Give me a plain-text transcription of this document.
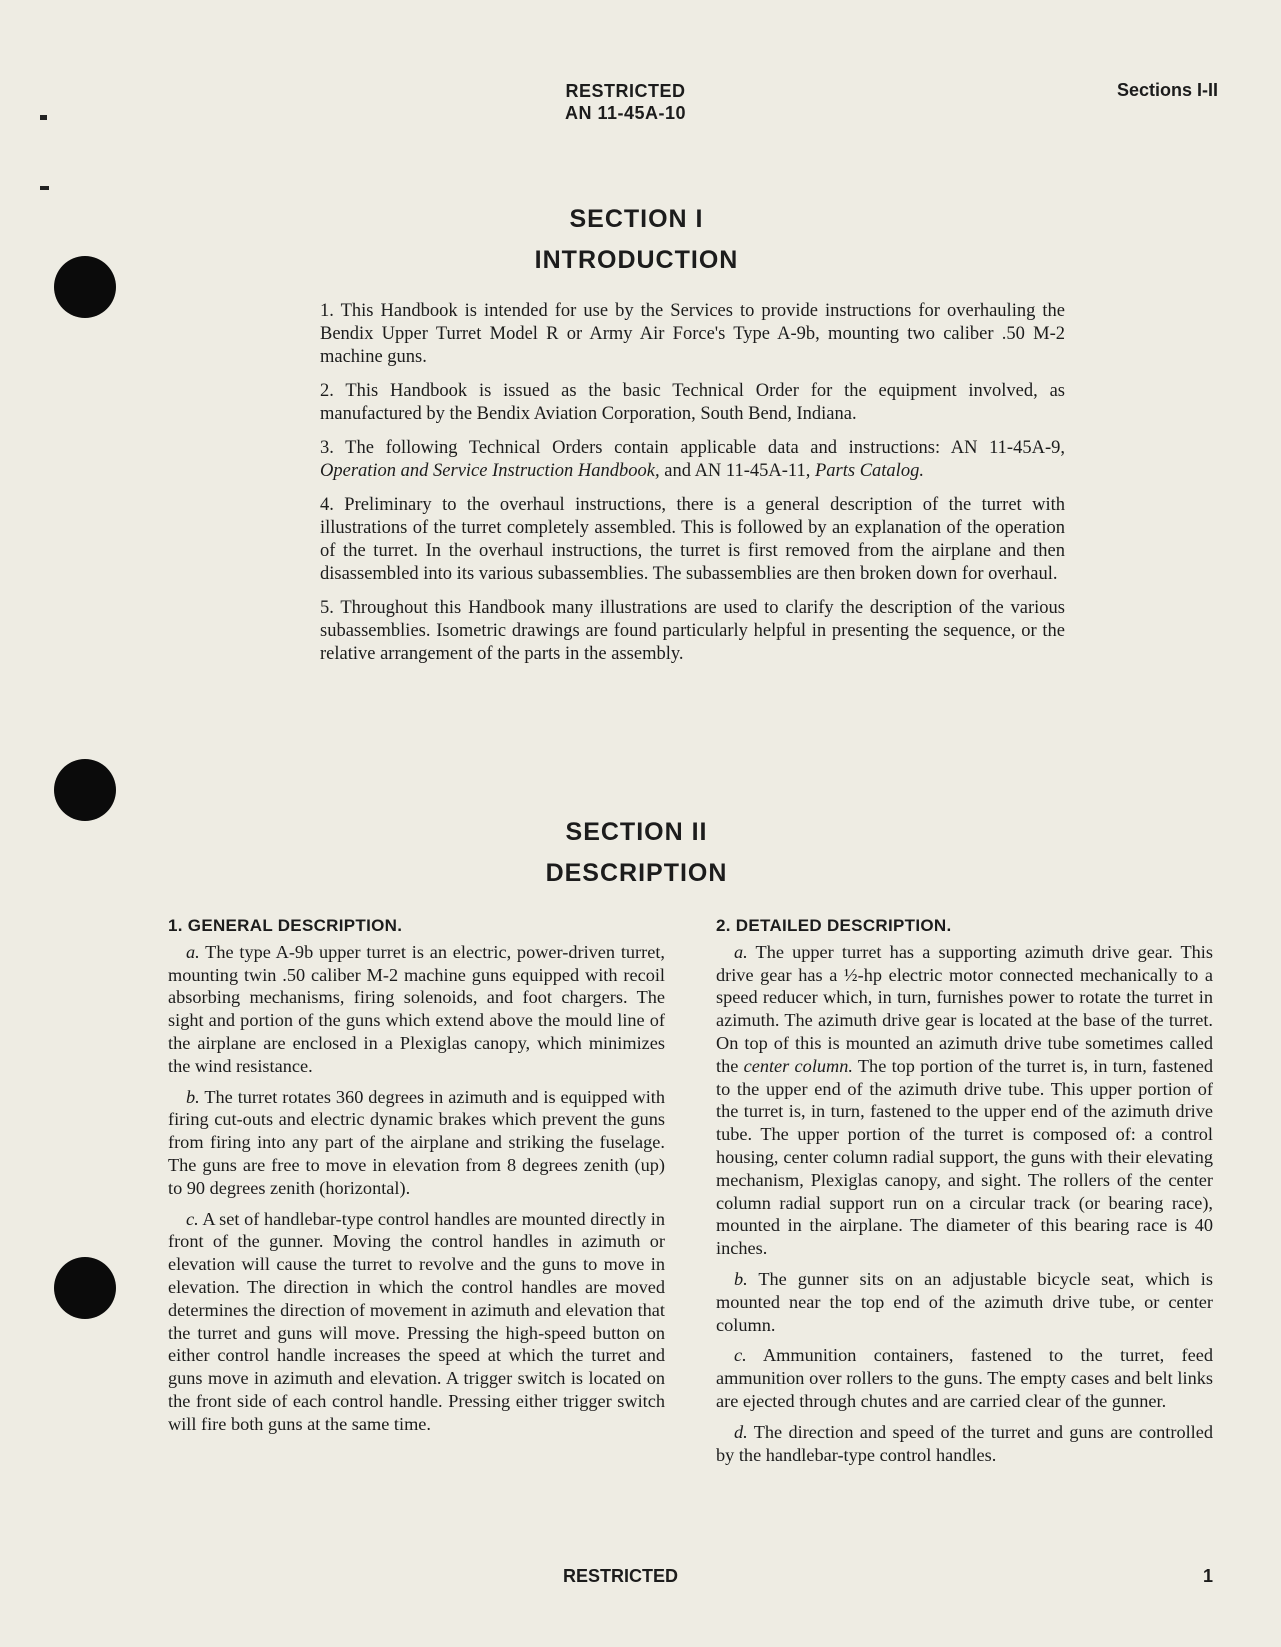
RESTRICTED
AN 11-45A-10
Sections I-II
SECTION I
INTRODUCTION

1. This Handbook is intended for use by the Services to provide instructions for overhauling the Bendix Upper Turret Model R or Army Air Force's Type A-9b, mounting two caliber .50 M-2 machine guns.

2. This Handbook is issued as the basic Technical Order for the equipment involved, as manufactured by the Bendix Aviation Corporation, South Bend, Indiana.

3. The following Technical Orders contain applicable data and instructions: AN 11-45A-9, Operation and Service Instruction Handbook, and AN 11-45A-11, Parts Catalog.

4. Preliminary to the overhaul instructions, there is a general description of the turret with illustrations of the turret completely assembled. This is followed by an explanation of the operation of the turret. In the overhaul instructions, the turret is first removed from the airplane and then disassembled into its various subassemblies. The subassemblies are then broken down for overhaul.

5. Throughout this Handbook many illustrations are used to clarify the description of the various subassemblies. Isometric drawings are found particularly helpful in presenting the sequence, or the relative arrangement of the parts in the assembly.

SECTION II
DESCRIPTION
1. GENERAL DESCRIPTION.

a. The type A-9b upper turret is an electric, power-driven turret, mounting twin .50 caliber M-2 machine guns equipped with recoil absorbing mechanisms, firing solenoids, and foot chargers. The sight and portion of the guns which extend above the mould line of the airplane are enclosed in a Plexiglas canopy, which minimizes the wind resistance.

b. The turret rotates 360 degrees in azimuth and is equipped with firing cut-outs and electric dynamic brakes which prevent the guns from firing into any part of the airplane and striking the fuselage. The guns are free to move in elevation from 8 degrees zenith (up) to 90 degrees zenith (horizontal).

c. A set of handlebar-type control handles are mounted directly in front of the gunner. Moving the control handles in azimuth or elevation will cause the turret to revolve and the guns to move in elevation. The direction in which the control handles are moved determines the direction of movement in azimuth and elevation that the turret and guns will move. Pressing the high-speed button on either control handle increases the speed at which the turret and guns move in azimuth and elevation. A trigger switch is located on the front side of each control handle. Pressing either trigger switch will fire both guns at the same time.

2. DETAILED DESCRIPTION.

a. The upper turret has a supporting azimuth drive gear. This drive gear has a ½-hp electric motor connected mechanically to a speed reducer which, in turn, furnishes power to rotate the turret in azimuth. The azimuth drive gear is located at the base of the turret. On top of this is mounted an azimuth drive tube sometimes called the center column. The top portion of the turret is, in turn, fastened to the upper end of the azimuth drive tube. This upper portion of the turret is, in turn, fastened to the upper end of the azimuth drive tube. The upper portion of the turret is composed of: a control housing, center column radial support, the guns with their elevating mechanism, Plexiglas canopy, and sight. The rollers of the center column radial support run on a circular track (or bearing race), mounted in the airplane. The diameter of this bearing race is 40 inches.

b. The gunner sits on an adjustable bicycle seat, which is mounted near the top end of the azimuth drive tube, or center column.

c. Ammunition containers, fastened to the turret, feed ammunition over rollers to the guns. The empty cases and belt links are ejected through chutes and are carried clear of the gunner.

d. The direction and speed of the turret and guns are controlled by the handlebar-type control handles.

RESTRICTED	1
